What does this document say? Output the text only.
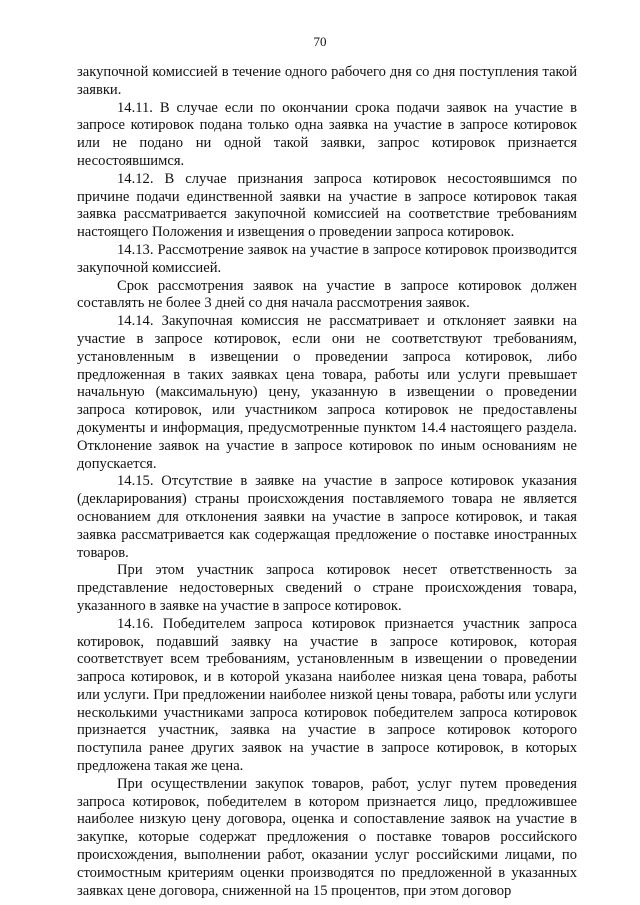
70

закупочной комиссией в течение одного рабочего дня со дня поступления такой заявки.

14.11. В случае если по окончании срока подачи заявок на участие в запросе котировок подана только одна заявка на участие в запросе котировок или не подано ни одной такой заявки, запрос котировок признается несостоявшимся.

14.12. В случае признания запроса котировок несостоявшимся по причине подачи единственной заявки на участие в запросе котировок такая заявка рассматривается закупочной комиссией на соответствие требованиям настоящего Положения и извещения о проведении запроса котировок.

14.13. Рассмотрение заявок на участие в запросе котировок производится закупочной комиссией.

Срок рассмотрения заявок на участие в запросе котировок должен составлять не более 3 дней со дня начала рассмотрения заявок.

14.14. Закупочная комиссия не рассматривает и отклоняет заявки на участие в запросе котировок, если они не соответствуют требованиям, установленным в извещении о проведении запроса котировок, либо предложенная в таких заявках цена товара, работы или услуги превышает начальную (максимальную) цену, указанную в извещении о проведении запроса котировок, или участником запроса котировок не предоставлены документы и информация, предусмотренные пунктом 14.4 настоящего раздела. Отклонение заявок на участие в запросе котировок по иным основаниям не допускается.

14.15. Отсутствие в заявке на участие в запросе котировок указания (декларирования) страны происхождения поставляемого товара не является основанием для отклонения заявки на участие в запросе котировок, и такая заявка рассматривается как содержащая предложение о поставке иностранных товаров.

При этом участник запроса котировок несет ответственность за представление недостоверных сведений о стране происхождения товара, указанного в заявке на участие в запросе котировок.

14.16. Победителем запроса котировок признается участник запроса котировок, подавший заявку на участие в запросе котировок, которая соответствует всем требованиям, установленным в извещении о проведении запроса котировок, и в которой указана наиболее низкая цена товара, работы или услуги. При предложении наиболее низкой цены товара, работы или услуги несколькими участниками запроса котировок победителем запроса котировок признается участник, заявка на участие в запросе котировок которого поступила ранее других заявок на участие в запросе котировок, в которых предложена такая же цена.

При осуществлении закупок товаров, работ, услуг путем проведения запроса котировок, победителем в котором признается лицо, предложившее наиболее низкую цену договора, оценка и сопоставление заявок на участие в закупке, которые содержат предложения о поставке товаров российского происхождения, выполнении работ, оказании услуг российскими лицами, по стоимостным критериям оценки производятся по предложенной в указанных заявках цене договора, сниженной на 15 процентов, при этом договор
